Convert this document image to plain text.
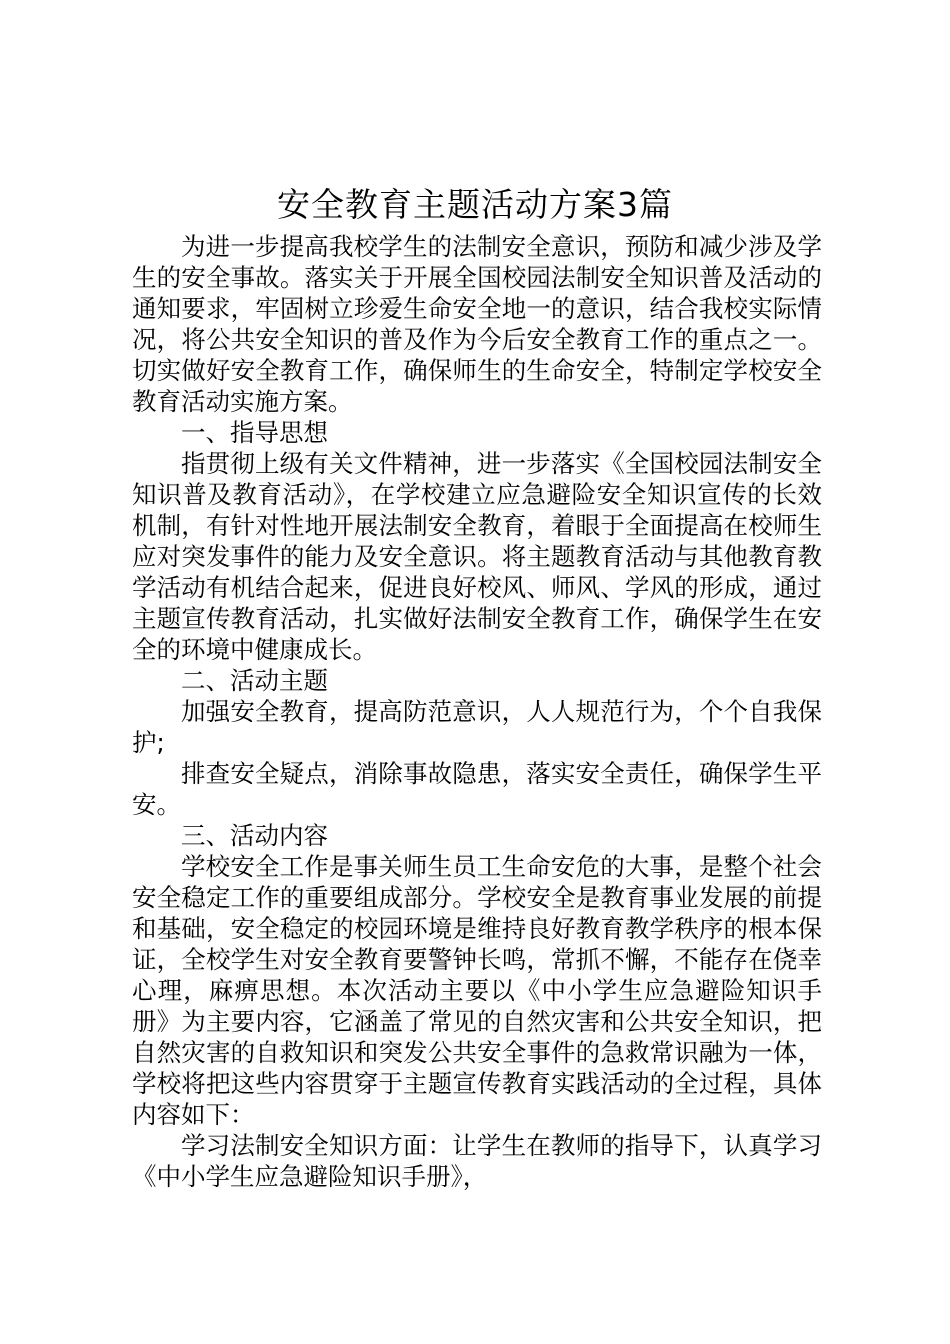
安全教育主题活动方案3篇

为进一步提高我校学生的法制安全意识，预防和减少涉及学生的安全事故。落实关于开展全国校园法制安全知识普及活动的通知要求，牢固树立珍爱生命安全地一的意识，结合我校实际情况，将公共安全知识的普及作为今后安全教育工作的重点之一。切实做好安全教育工作，确保师生的生命安全，特制定学校安全教育活动实施方案。

一、指导思想

指贯彻上级有关文件精神，进一步落实《全国校园法制安全知识普及教育活动》，在学校建立应急避险安全知识宣传的长效机制，有针对性地开展法制安全教育，着眼于全面提高在校师生应对突发事件的能力及安全意识。将主题教育活动与其他教育教学活动有机结合起来，促进良好校风、师风、学风的形成，通过主题宣传教育活动，扎实做好法制安全教育工作，确保学生在安全的环境中健康成长。

二、活动主题

加强安全教育，提高防范意识，人人规范行为，个个自我保护;

排查安全疑点，消除事故隐患，落实安全责任，确保学生平安。

三、活动内容

学校安全工作是事关师生员工生命安危的大事，是整个社会安全稳定工作的重要组成部分。学校安全是教育事业发展的前提和基础，安全稳定的校园环境是维持良好教育教学秩序的根本保证，全校学生对安全教育要警钟长鸣，常抓不懈，不能存在侥幸心理，麻痹思想。本次活动主要以《中小学生应急避险知识手册》为主要内容，它涵盖了常见的自然灾害和公共安全知识，把自然灾害的自救知识和突发公共安全事件的急救常识融为一体，学校将把这些内容贯穿于主题宣传教育实践活动的全过程，具体内容如下：

学习法制安全知识方面：让学生在教师的指导下，认真学习《中小学生应急避险知识手册》，
